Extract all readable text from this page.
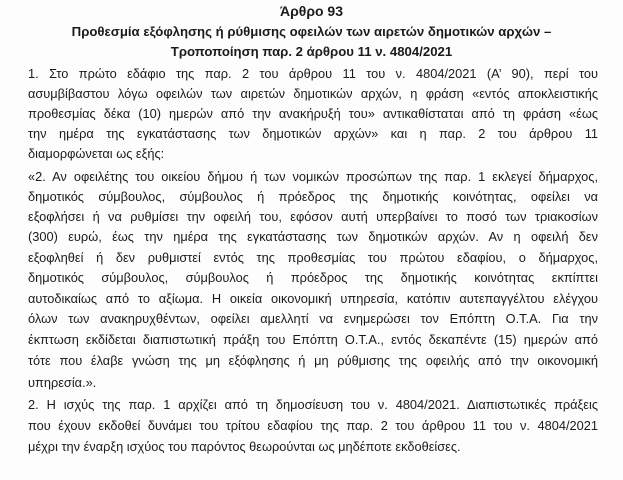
Άρθρο 93
Προθεσμία εξόφλησης ή ρύθμισης οφειλών των αιρετών δημοτικών αρχών –
Τροποποίηση παρ. 2 άρθρου 11 ν. 4804/2021
1. Στο πρώτο εδάφιο της παρ. 2 του άρθρου 11 του ν. 4804/2021 (Α’ 90), περί του
ασυμβίβαστου λόγω οφειλών των αιρετών δημοτικών αρχών, η φράση «εντός αποκλειστικής
προθεσμίας δέκα (10) ημερών από την ανακήρυξή του» αντικαθίσταται από τη φράση «έως
την ημέρα της εγκατάστασης των δημοτικών αρχών» και η παρ. 2 του άρθρου 11
διαμορφώνεται ως εξής:
«2. Αν οφειλέτης του οικείου δήμου ή των νομικών προσώπων της παρ. 1 εκλεγεί δήμαρχος,
δημοτικός σύμβουλος, σύμβουλος ή πρόεδρος της δημοτικής κοινότητας, οφείλει να
εξοφλήσει ή να ρυθμίσει την οφειλή του, εφόσον αυτή υπερβαίνει το ποσό των τριακοσίων
(300) ευρώ, έως την ημέρα της εγκατάστασης των δημοτικών αρχών. Αν η οφειλή δεν
εξοφληθεί ή δεν ρυθμιστεί εντός της προθεσμίας του πρώτου εδαφίου, ο δήμαρχος,
δημοτικός σύμβουλος, σύμβουλος ή πρόεδρος της δημοτικής κοινότητας εκπίπτει
αυτοδικαίως από το αξίωμα. Η οικεία οικονομική υπηρεσία, κατόπιν αυτεπαγγέλτου ελέγχου
όλων των ανακηρυχθέντων, οφείλει αμελλητί να ενημερώσει τον Επόπτη Ο.Τ.Α. Για την
έκπτωση εκδίδεται διαπιστωτική πράξη του Επόπτη Ο.Τ.Α., εντός δεκαπέντε (15) ημερών από
τότε που έλαβε γνώση της μη εξόφλησης ή μη ρύθμισης της οφειλής από την οικονομική
υπηρεσία.».
2. Η ισχύς της παρ. 1 αρχίζει από τη δημοσίευση του ν. 4804/2021. Διαπιστωτικές πράξεις
που έχουν εκδοθεί δυνάμει του τρίτου εδαφίου της παρ. 2 του άρθρου 11 του ν. 4804/2021
μέχρι την έναρξη ισχύος του παρόντος θεωρούνται ως μηδέποτε εκδοθείσες.
